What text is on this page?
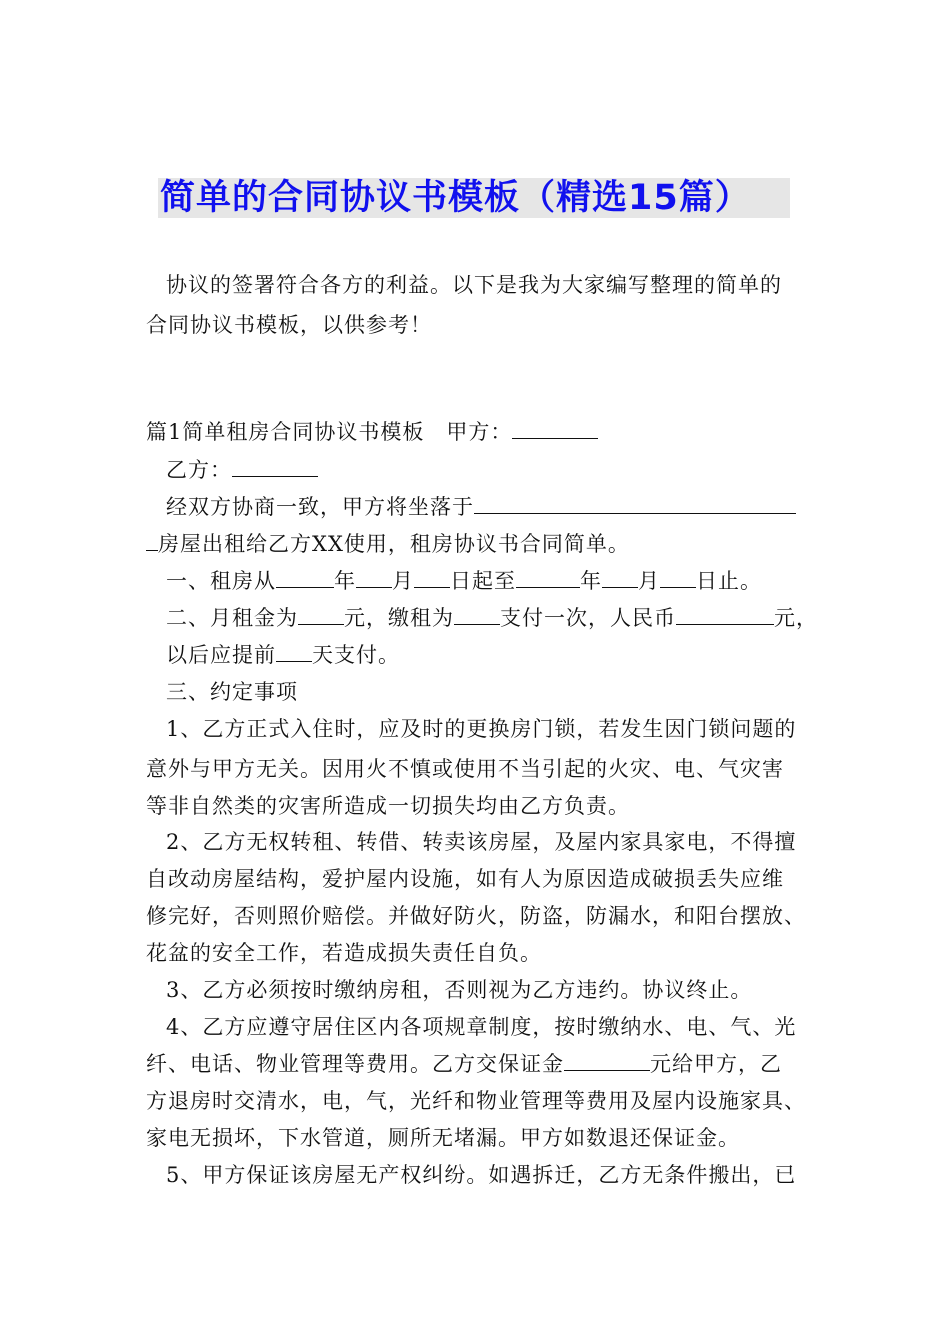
简单的合同协议书模板（精选15篇）
协议的签署符合各方的利益。以下是我为大家编写整理的简单的
合同协议书模板，以供参考！
篇1简单租房合同协议书模板 甲方：
乙方：
经双方协商一致，甲方将坐落于
房屋出租给乙方XX使用，租房协议书合同简单。
一、租房从	年 月 日起至	年 月 日止。
二、月租金为 元，缴租为 支付一次，人民币	元，
以后应提前 天支付。
三、约定事项
1、乙方正式入住时，应及时的更换房门锁，若发生因门锁问题的
意外与甲方无关。因用火不慎或使用不当引起的火灾、电、气灾害
等非自然类的灾害所造成一切损失均由乙方负责。
2、乙方无权转租、转借、转卖该房屋，及屋内家具家电，不得擅
自改动房屋结构，爱护屋内设施，如有人为原因造成破损丢失应维
修完好，否则照价赔偿。并做好防火，防盗，防漏水，和阳台摆放、
花盆的安全工作，若造成损失责任自负。
3、乙方必须按时缴纳房租，否则视为乙方违约。协议终止。
4、乙方应遵守居住区内各项规章制度，按时缴纳水、电、气、光
纤、电话、物业管理等费用。乙方交保证金	元给甲方，乙
方退房时交清水，电，气，光纤和物业管理等费用及屋内设施家具、
家电无损坏，下水管道，厕所无堵漏。甲方如数退还保证金。
5、甲方保证该房屋无产权纠纷。如遇拆迁，乙方无条件搬出，已
